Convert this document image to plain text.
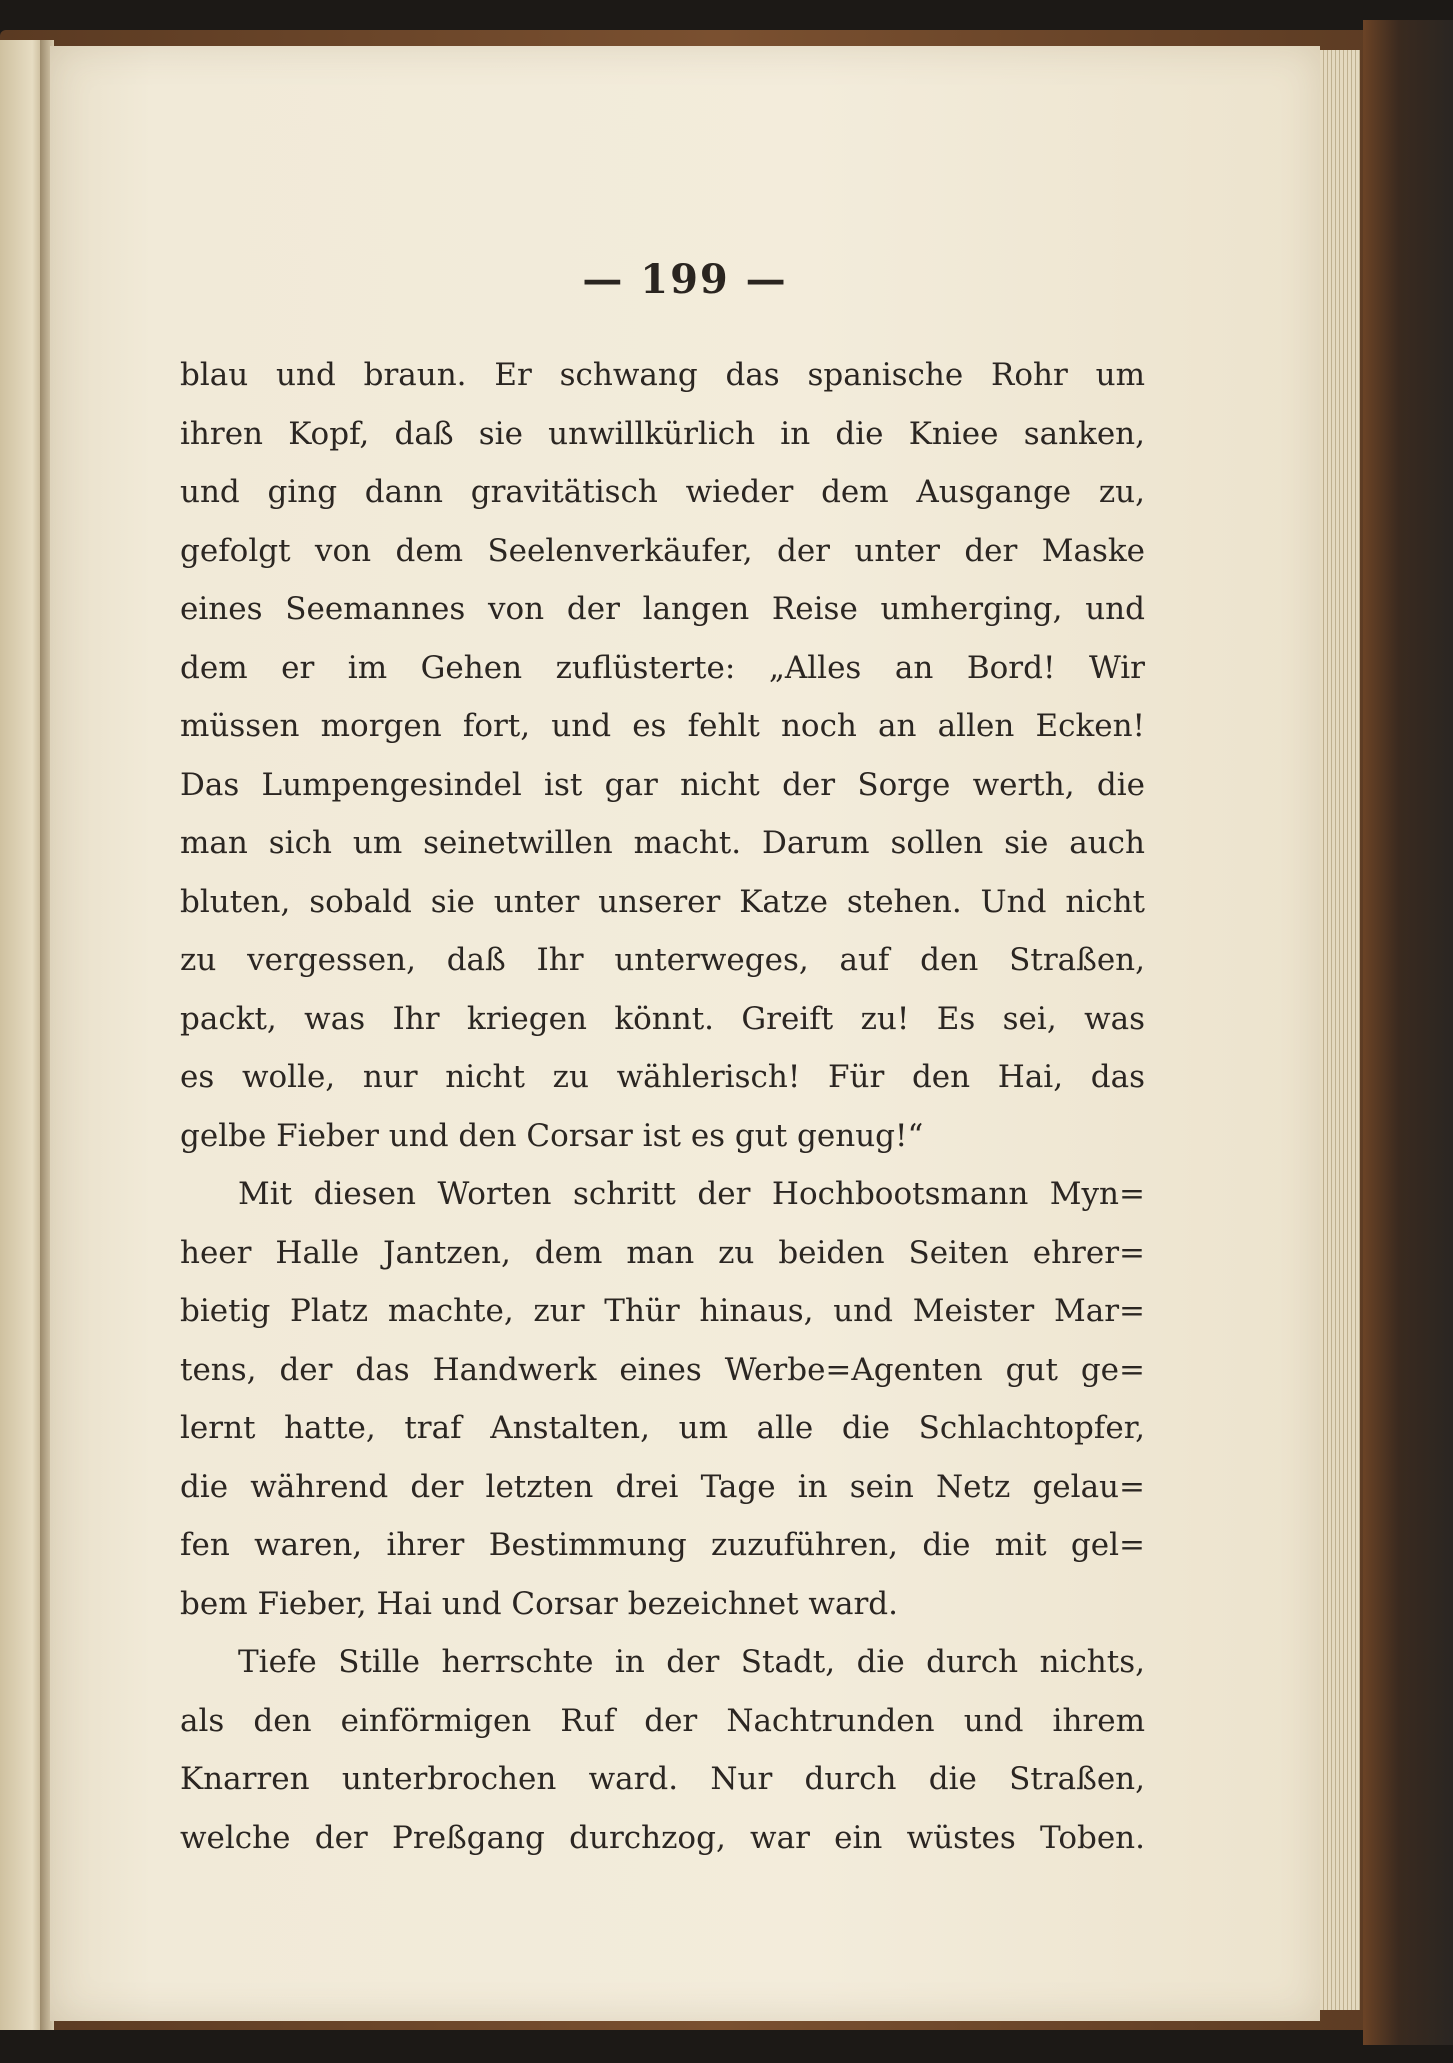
— 199 —
blau und braun. Er schwang das spanische Rohr um
ihren Kopf, daß sie unwillkürlich in die Kniee sanken,
und ging dann gravitätisch wieder dem Ausgange zu,
gefolgt von dem Seelenverkäufer, der unter der Maske
eines Seemannes von der langen Reise umherging, und
dem er im Gehen zuflüsterte: „Alles an Bord! Wir
müssen morgen fort, und es fehlt noch an allen Ecken!
Das Lumpengesindel ist gar nicht der Sorge werth, die
man sich um seinetwillen macht. Darum sollen sie auch
bluten, sobald sie unter unserer Katze stehen. Und nicht
zu vergessen, daß Ihr unterweges, auf den Straßen,
packt, was Ihr kriegen könnt. Greift zu! Es sei, was
es wolle, nur nicht zu wählerisch! Für den Hai, das
gelbe Fieber und den Corsar ist es gut genug!“
Mit diesen Worten schritt der Hochbootsmann Myn=
heer Halle Jantzen, dem man zu beiden Seiten ehrer=
bietig Platz machte, zur Thür hinaus, und Meister Mar=
tens, der das Handwerk eines Werbe=Agenten gut ge=
lernt hatte, traf Anstalten, um alle die Schlachtopfer,
die während der letzten drei Tage in sein Netz gelau=
fen waren, ihrer Bestimmung zuzuführen, die mit gel=
bem Fieber, Hai und Corsar bezeichnet ward.
Tiefe Stille herrschte in der Stadt, die durch nichts,
als den einförmigen Ruf der Nachtrunden und ihrem
Knarren unterbrochen ward. Nur durch die Straßen,
welche der Preßgang durchzog, war ein wüstes Toben.
